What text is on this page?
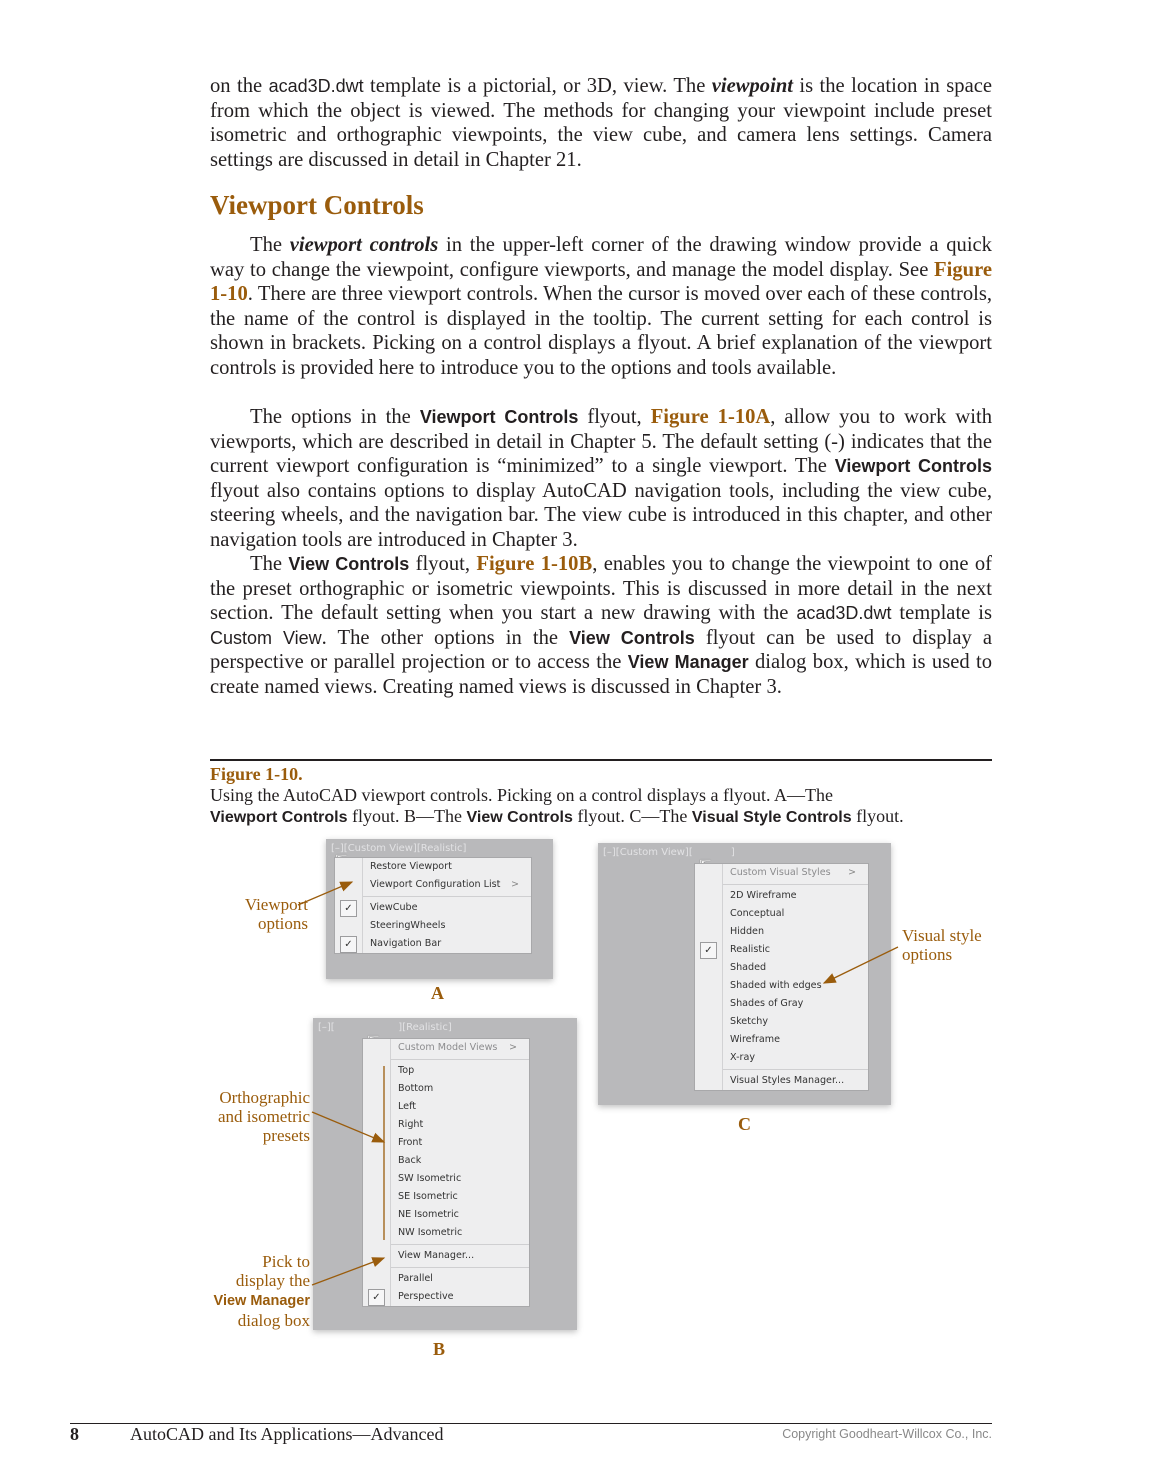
on the acad3D.dwt template is a pictorial, or 3D, view. The viewpoint is the location in space from which the object is viewed. The methods for changing your viewpoint include preset isometric and orthographic viewpoints, the view cube, and camera lens settings. Camera settings are discussed in detail in Chapter 21.

Viewport Controls

The viewport controls in the upper-left corner of the drawing window provide a quick way to change the viewpoint, configure viewports, and manage the model display. See Figure 1-10. There are three viewport controls. When the cursor is moved over each of these controls, the name of the control is displayed in the tooltip. The current setting for each control is shown in brackets. Picking on a control displays a flyout. A brief explanation of the viewport controls is provided here to introduce you to the options and tools available.

The options in the Viewport Controls flyout, Figure 1-10A, allow you to work with viewports, which are described in detail in Chapter 5. The default setting (-) indicates that the current viewport configuration is “minimized” to a single viewport. The Viewport Controls flyout also contains options to display AutoCAD navigation tools, including the view cube, steering wheels, and the navigation bar. The view cube is introduced in this chapter, and other navigation tools are introduced in Chapter 3.

The View Controls flyout, Figure 1-10B, enables you to change the viewpoint to one of the preset orthographic or isometric viewpoints. This is discussed in more detail in the next section. The default setting when you start a new drawing with the acad3D.dwt template is Custom View. The other options in the View Controls flyout can be used to display a perspective or parallel projection or to access the View Manager dialog box, which is used to create named views. Creating named views is discussed in Chapter 3.

Figure 1-10.
Using the AutoCAD viewport controls. Picking on a control displays a flyout. A—The
Viewport Controls flyout. B—The View Controls flyout. C—The Visual Style Controls flyout.
[–][Custom View][Realistic]
Restore Viewport
Viewport Configuration List >
✓	ViewCube
SteeringWheels
✓	Navigation Bar
A
Viewport
options
[–][                    ][Realistic]
Custom Model Views >
Top
Bottom
Left
Right
Front
Back
SW Isometric
SE Isometric
NE Isometric
NW Isometric
View Manager...
Parallel
✓	Perspective
B
Orthographic
and isometric
presets
Pick to
display the
View Manager
dialog box
[–][Custom View][            ]
Custom Visual Styles >
2D Wireframe
Conceptual
Hidden
✓	Realistic
Shaded
Shaded with edges
Shades of Gray
Sketchy
Wireframe
X-ray
Visual Styles Manager...
C
Visual style
options
8	AutoCAD and Its Applications—Advanced	Copyright Goodheart-Willcox Co., Inc.
